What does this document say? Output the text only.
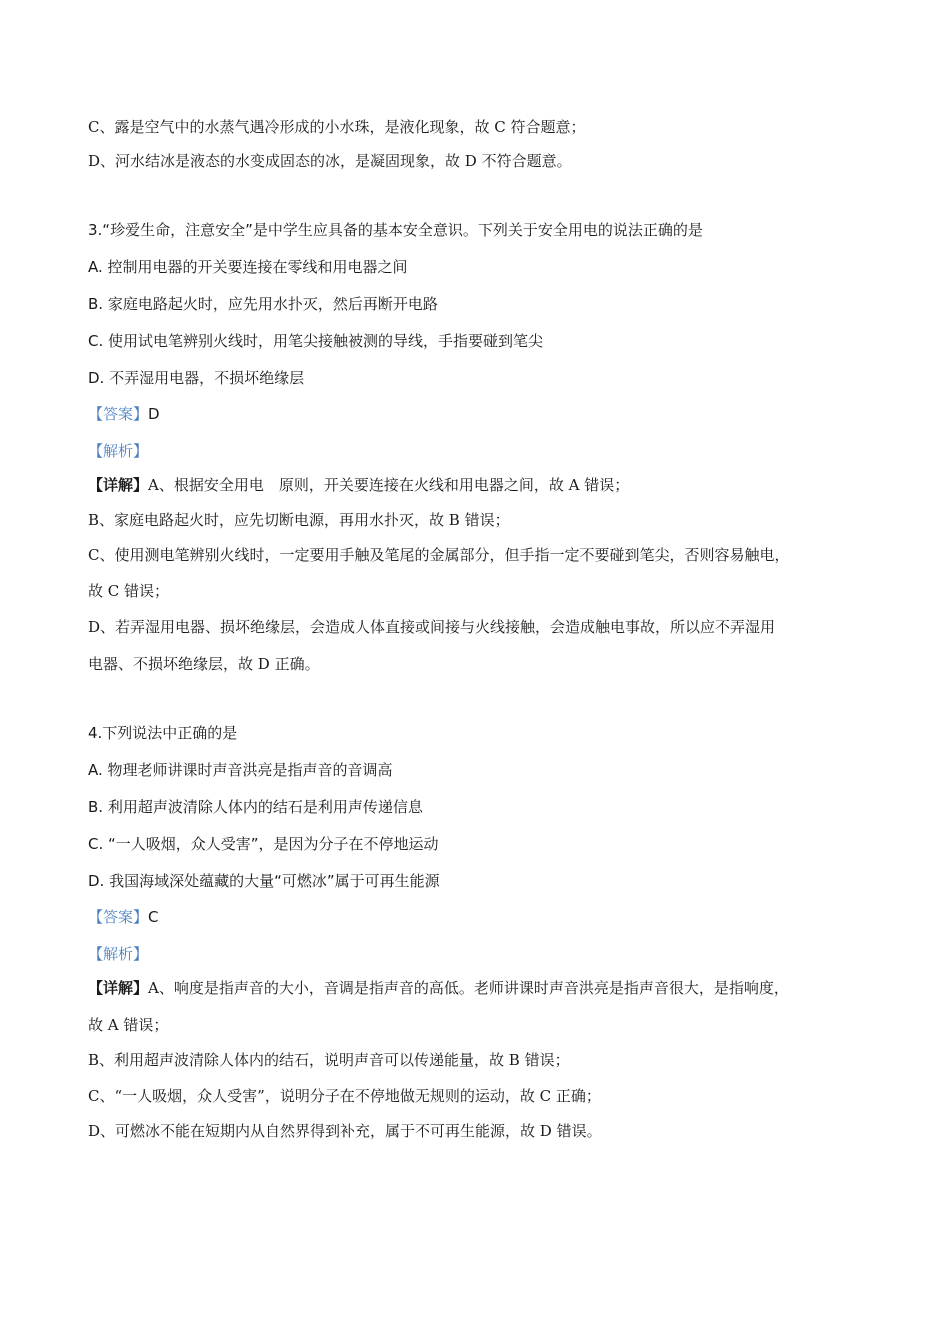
C、露是空气中的水蒸气遇冷形成的小水珠，是液化现象，故 C 符合题意；
D、河水结冰是液态的水变成固态的冰，是凝固现象，故 D 不符合题意。
3.“珍爱生命，注意安全”是中学生应具备的基本安全意识。下列关于安全用电的说法正确的是
A. 控制用电器的开关要连接在零线和用电器之间
B. 家庭电路起火时，应先用水扑灭，然后再断开电路
C. 使用试电笔辨别火线时，用笔尖接触被测的导线，手指要碰到笔尖
D. 不弄湿用电器，不损坏绝缘层
【答案】D
【解析】
【详解】A、根据安全用电　原则，开关要连接在火线和用电器之间，故 A 错误；
B、家庭电路起火时，应先切断电源，再用水扑灭，故 B 错误；
C、使用测电笔辨别火线时，一定要用手触及笔尾的金属部分，但手指一定不要碰到笔尖，否则容易触电，
故 C 错误；
D、若弄湿用电器、损坏绝缘层，会造成人体直接或间接与火线接触，会造成触电事故，所以应不弄湿用
电器、不损坏绝缘层，故 D 正确。
4.下列说法中正确的是
A. 物理老师讲课时声音洪亮是指声音的音调高
B. 利用超声波清除人体内的结石是利用声传递信息
C. “一人吸烟，众人受害”，是因为分子在不停地运动
D. 我国海域深处蕴藏的大量“可燃冰”属于可再生能源
【答案】C
【解析】
【详解】A、响度是指声音的大小，音调是指声音的高低。老师讲课时声音洪亮是指声音很大，是指响度，
故 A 错误；
B、利用超声波清除人体内的结石，说明声音可以传递能量，故 B 错误；
C、“一人吸烟，众人受害”，说明分子在不停地做无规则的运动，故 C 正确；
D、可燃冰不能在短期内从自然界得到补充，属于不可再生能源，故 D 错误。
